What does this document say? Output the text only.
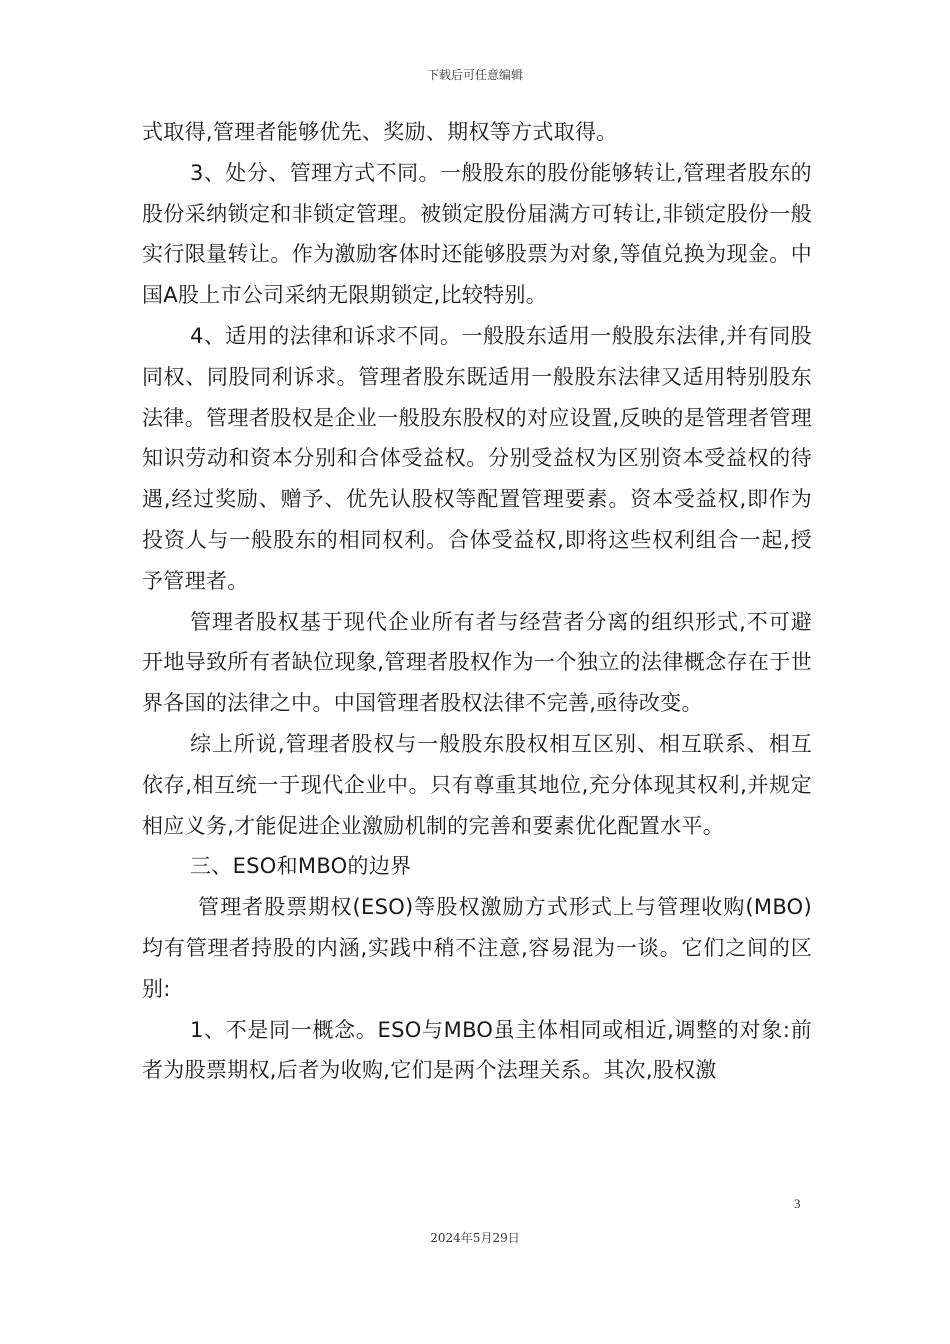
下载后可任意编辑

式取得,管理者能够优先、奖励、期权等方式取得。

3、处分、管理方式不同。一般股东的股份能够转让,管理者股东的股份采纳锁定和非锁定管理。被锁定股份届满方可转让,非锁定股份一般实行限量转让。作为激励客体时还能够股票为对象,等值兑换为现金。中国A股上市公司采纳无限期锁定,比较特别。

4、适用的法律和诉求不同。一般股东适用一般股东法律,并有同股同权、同股同利诉求。管理者股东既适用一般股东法律又适用特别股东法律。管理者股权是企业一般股东股权的对应设置,反映的是管理者管理知识劳动和资本分别和合体受益权。分别受益权为区别资本受益权的待遇,经过奖励、赠予、优先认股权等配置管理要素。资本受益权,即作为投资人与一般股东的相同权利。合体受益权,即将这些权利组合一起,授予管理者。

管理者股权基于现代企业所有者与经营者分离的组织形式,不可避开地导致所有者缺位现象,管理者股权作为一个独立的法律概念存在于世界各国的法律之中。中国管理者股权法律不完善,亟待改变。

综上所说,管理者股权与一般股东股权相互区别、相互联系、相互依存,相互统一于现代企业中。只有尊重其地位,充分体现其权利,并规定相应义务,才能促进企业激励机制的完善和要素优化配置水平。

三、ESO和MBO的边界

管理者股票期权(ESO)等股权激励方式形式上与管理收购(MBO)均有管理者持股的内涵,实践中稍不注意,容易混为一谈。它们之间的区别:

1、不是同一概念。ESO与MBO虽主体相同或相近,调整的对象:前者为股票期权,后者为收购,它们是两个法理关系。其次,股权激

3
2024年5月29日
